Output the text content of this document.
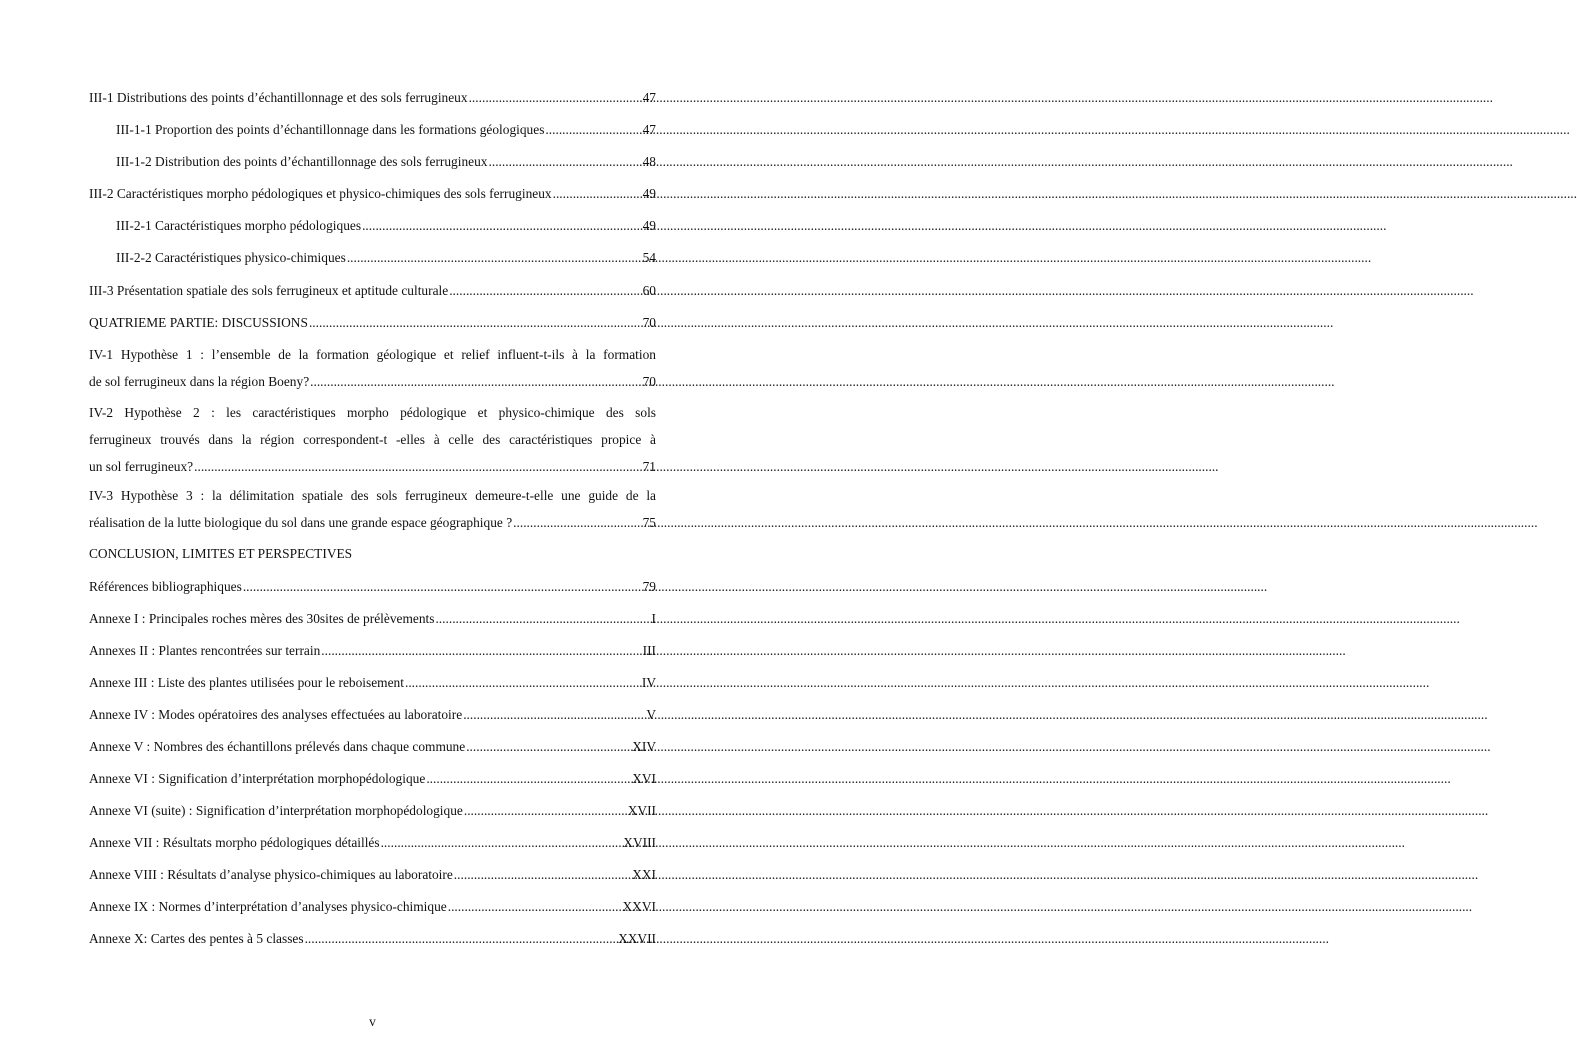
III-1 Distributions des points d’échantillonnage et des sols ferrugineux .....	47
III-1-1 Proportion des points d’échantillonnage dans les formations géologiques .....	47
III-1-2 Distribution des points d’échantillonnage des sols ferrugineux .....	48
III-2 Caractéristiques morpho pédologiques et physico-chimiques des sols ferrugineux .....	49
III-2-1 Caractéristiques morpho pédologiques .....	49
III-2-2 Caractéristiques physico-chimiques .....	54
III-3 Présentation spatiale des sols ferrugineux et aptitude culturale .....	60
QUATRIEME PARTIE: DISCUSSIONS .....	70
IV-1 Hypothèse 1 : l’ensemble de la formation géologique et relief influent-t-ils à la formation
de sol ferrugineux dans la région Boeny? .....	70
IV-2 Hypothèse 2 : les caractéristiques morpho pédologique et physico-chimique des sols
ferrugineux trouvés dans la région correspondent-t -elles à celle des caractéristiques propice à
un sol ferrugineux? .....	71
IV-3 Hypothèse 3 : la délimitation spatiale des sols ferrugineux demeure-t-elle une guide de la
réalisation de la lutte biologique du sol dans une grande espace géographique ? .....	75
CONCLUSION, LIMITES ET PERSPECTIVES
Références bibliographiques .....	79
Annexe I : Principales roches mères des 30sites de prélèvements .....	I
Annexes II : Plantes rencontrées sur terrain .....	III
Annexe III : Liste des plantes utilisées pour le reboisement .....	IV
Annexe IV : Modes opératoires des analyses effectuées au laboratoire .....	V
Annexe V : Nombres des échantillons prélevés dans chaque commune .....	XIV
Annexe VI : Signification d’interprétation morphopédologique .....	XVI
Annexe VI (suite) : Signification d’interprétation morphopédologique .....	XVII
Annexe VII : Résultats morpho pédologiques détaillés .....	XVIII
Annexe VIII : Résultats d’analyse physico-chimiques au laboratoire .....	XXI
Annexe IX : Normes d’interprétation d’analyses physico-chimique .....	XXVI
Annexe X: Cartes des pentes à 5 classes .....	XXVII
v
